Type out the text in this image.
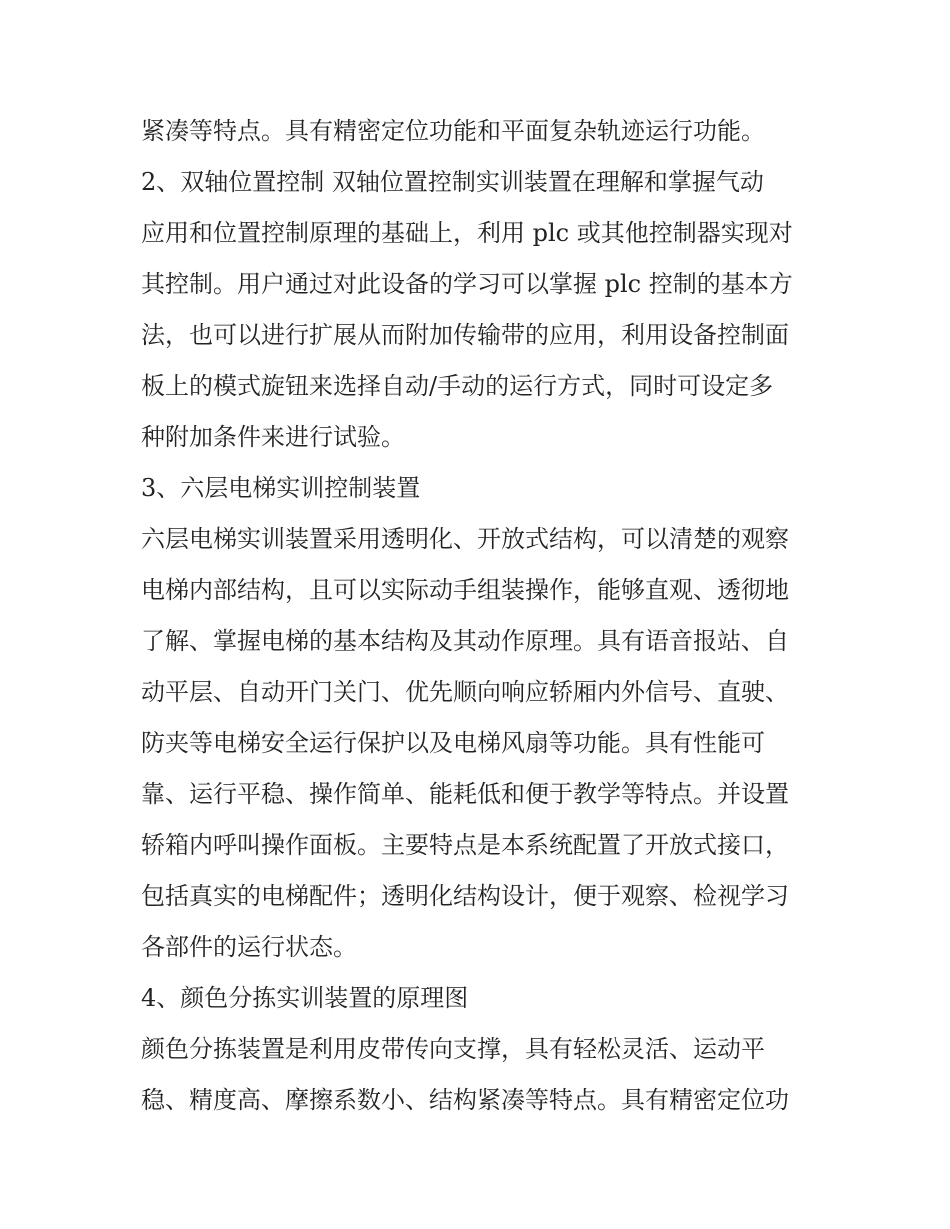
紧凑等特点。具有精密定位功能和平面复杂轨迹运行功能。
2、双轴位置控制 双轴位置控制实训装置在理解和掌握气动
应用和位置控制原理的基础上，利用 plc 或其他控制器实现对
其控制。用户通过对此设备的学习可以掌握 plc 控制的基本方
法，也可以进行扩展从而附加传输带的应用，利用设备控制面
板上的模式旋钮来选择自动/手动的运行方式，同时可设定多
种附加条件来进行试验。
3、六层电梯实训控制装置
六层电梯实训装置采用透明化、开放式结构，可以清楚的观察
电梯内部结构，且可以实际动手组装操作，能够直观、透彻地
了解、掌握电梯的基本结构及其动作原理。具有语音报站、自
动平层、自动开门关门、优先顺向响应轿厢内外信号、直驶、
防夹等电梯安全运行保护以及电梯风扇等功能。具有性能可
靠、运行平稳、操作简单、能耗低和便于教学等特点。并设置
轿箱内呼叫操作面板。主要特点是本系统配置了开放式接口，
包括真实的电梯配件；透明化结构设计，便于观察、检视学习
各部件的运行状态。
4、颜色分拣实训装置的原理图
颜色分拣装置是利用皮带传向支撑，具有轻松灵活、运动平
稳、精度高、摩擦系数小、结构紧凑等特点。具有精密定位功
